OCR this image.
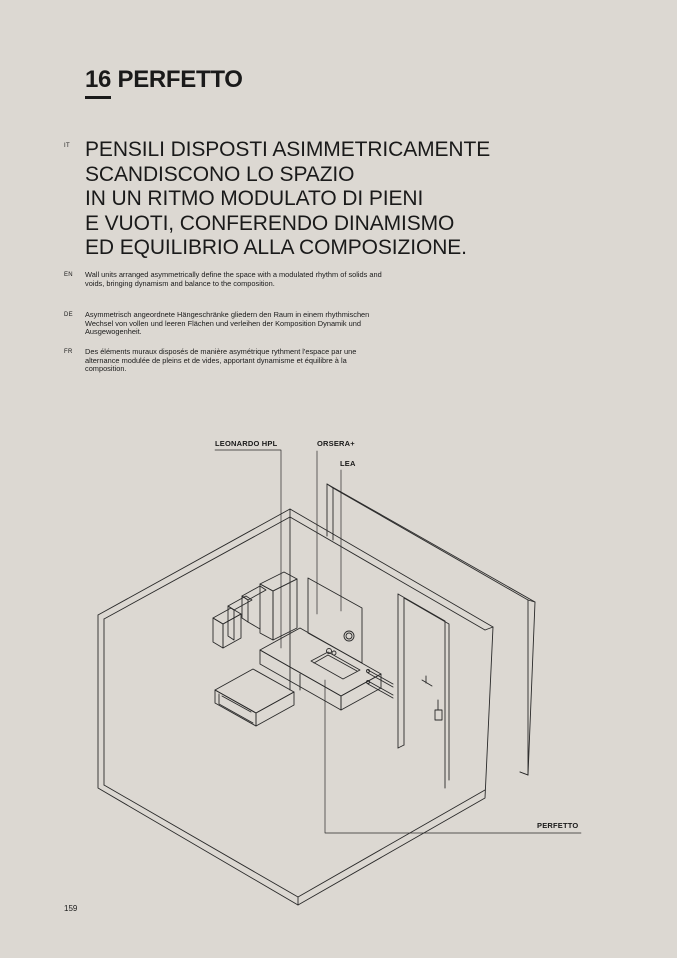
16 PERFETTO
IT PENSILI DISPOSTI ASIMMETRICAMENTE
SCANDISCONO LO SPAZIO
IN UN RITMO MODULATO DI PIENI
E VUOTI, CONFERENDO DINAMISMO
ED EQUILIBRIO ALLA COMPOSIZIONE.
EN Wall units arranged asymmetrically define the space with a modulated rhythm of solids and voids, bringing dynamism and balance to the composition.
DE Asymmetrisch angeordnete Hängeschränke gliedern den Raum in einem rhythmischen Wechsel von vollen und leeren Flächen und verleihen der Komposition Dynamik und Ausgewogenheit.
FR Des éléments muraux disposés de manière asymétrique rythment l'espace par une alternance modulée de pleins et de vides, apportant dynamisme et équilibre à la composition.
LEONARDO HPL	ORSERA+
LEA
PERFETTO
159
